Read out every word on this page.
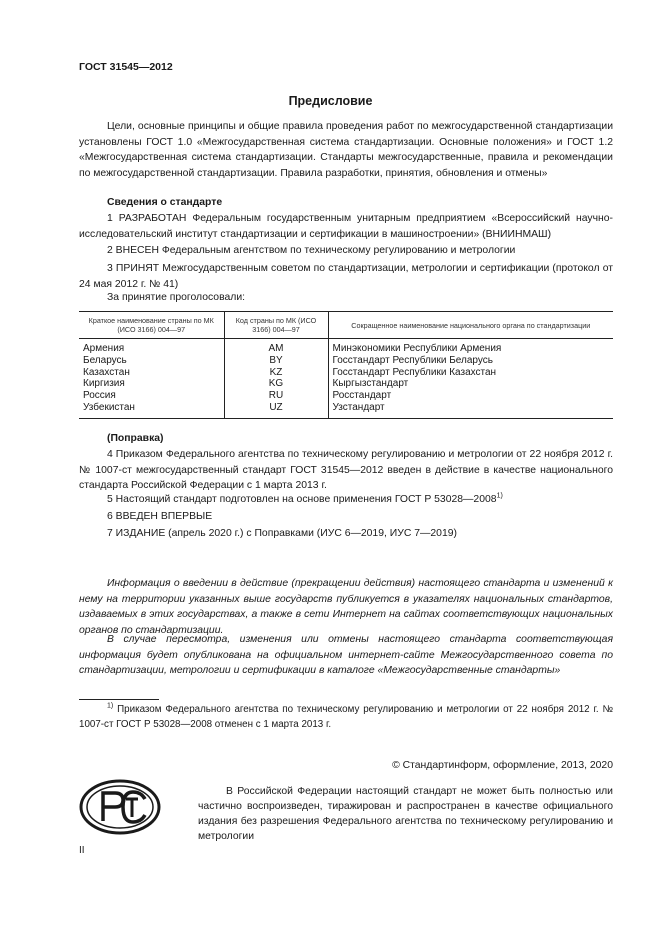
ГОСТ 31545—2012
Предисловие
Цели, основные принципы и общие правила проведения работ по межгосударственной стандартизации установлены ГОСТ 1.0 «Межгосударственная система стандартизации. Основные положения» и ГОСТ 1.2 «Межгосударственная система стандартизации. Стандарты межгосударственные, правила и рекомендации по межгосударственной стандартизации. Правила разработки, принятия, обновления и отмены»
Сведения о стандарте
1 РАЗРАБОТАН Федеральным государственным унитарным предприятием «Всероссийский научно-исследовательский институт стандартизации и сертификации в машиностроении» (ВНИИНМАШ)
2 ВНЕСЕН Федеральным агентством по техническому регулированию и метрологии
3 ПРИНЯТ Межгосударственным советом по стандартизации, метрологии и сертификации (протокол от 24 мая 2012 г. № 41)
За принятие проголосовали:
Краткое наименование страны по МК (ИСО 3166) 004—97	Код страны по МК (ИСО 3166) 004—97	Сокращенное наименование национального органа по стандартизации
Армения	AM	Минэкономики Республики Армения
Беларусь	BY	Госстандарт Республики Беларусь
Казахстан	KZ	Госстандарт Республики Казахстан
Киргизия	KG	Кыргызстандарт
Россия	RU	Росстандарт
Узбекистан	UZ	Узстандарт
(Поправка)
4 Приказом Федерального агентства по техническому регулированию и метрологии от 22 ноября 2012 г. № 1007-ст межгосударственный стандарт ГОСТ 31545—2012 введен в действие в качестве национального стандарта Российской Федерации с 1 марта 2013 г.
5 Настоящий стандарт подготовлен на основе применения ГОСТ Р 53028—2008$^{1)}$
6 ВВЕДЕН ВПЕРВЫЕ
7 ИЗДАНИЕ (апрель 2020 г.) с Поправками (ИУС 6—2019, ИУС 7—2019)
Информация о введении в действие (прекращении действия) настоящего стандарта и изменений к нему на территории указанных выше государств публикуется в указателях национальных стандартов, издаваемых в этих государствах, а также в сети Интернет на сайтах соответствующих национальных органов по стандартизации.
В случае пересмотра, изменения или отмены настоящего стандарта соответствующая информация будет опубликована на официальном интернет-сайте Межгосударственного совета по стандартизации, метрологии и сертификации в каталоге «Межгосударственные стандарты»
$^{1)}$ Приказом Федерального агентства по техническому регулированию и метрологии от 22 ноября 2012 г. № 1007-ст ГОСТ Р 53028—2008 отменен с 1 марта 2013 г.
© Стандартинформ, оформление, 2013, 2020
В Российской Федерации настоящий стандарт не может быть полностью или частично воспроизведен, тиражирован и распространен в качестве официального издания без разрешения Федерального агентства по техническому регулированию и метрологии
II
